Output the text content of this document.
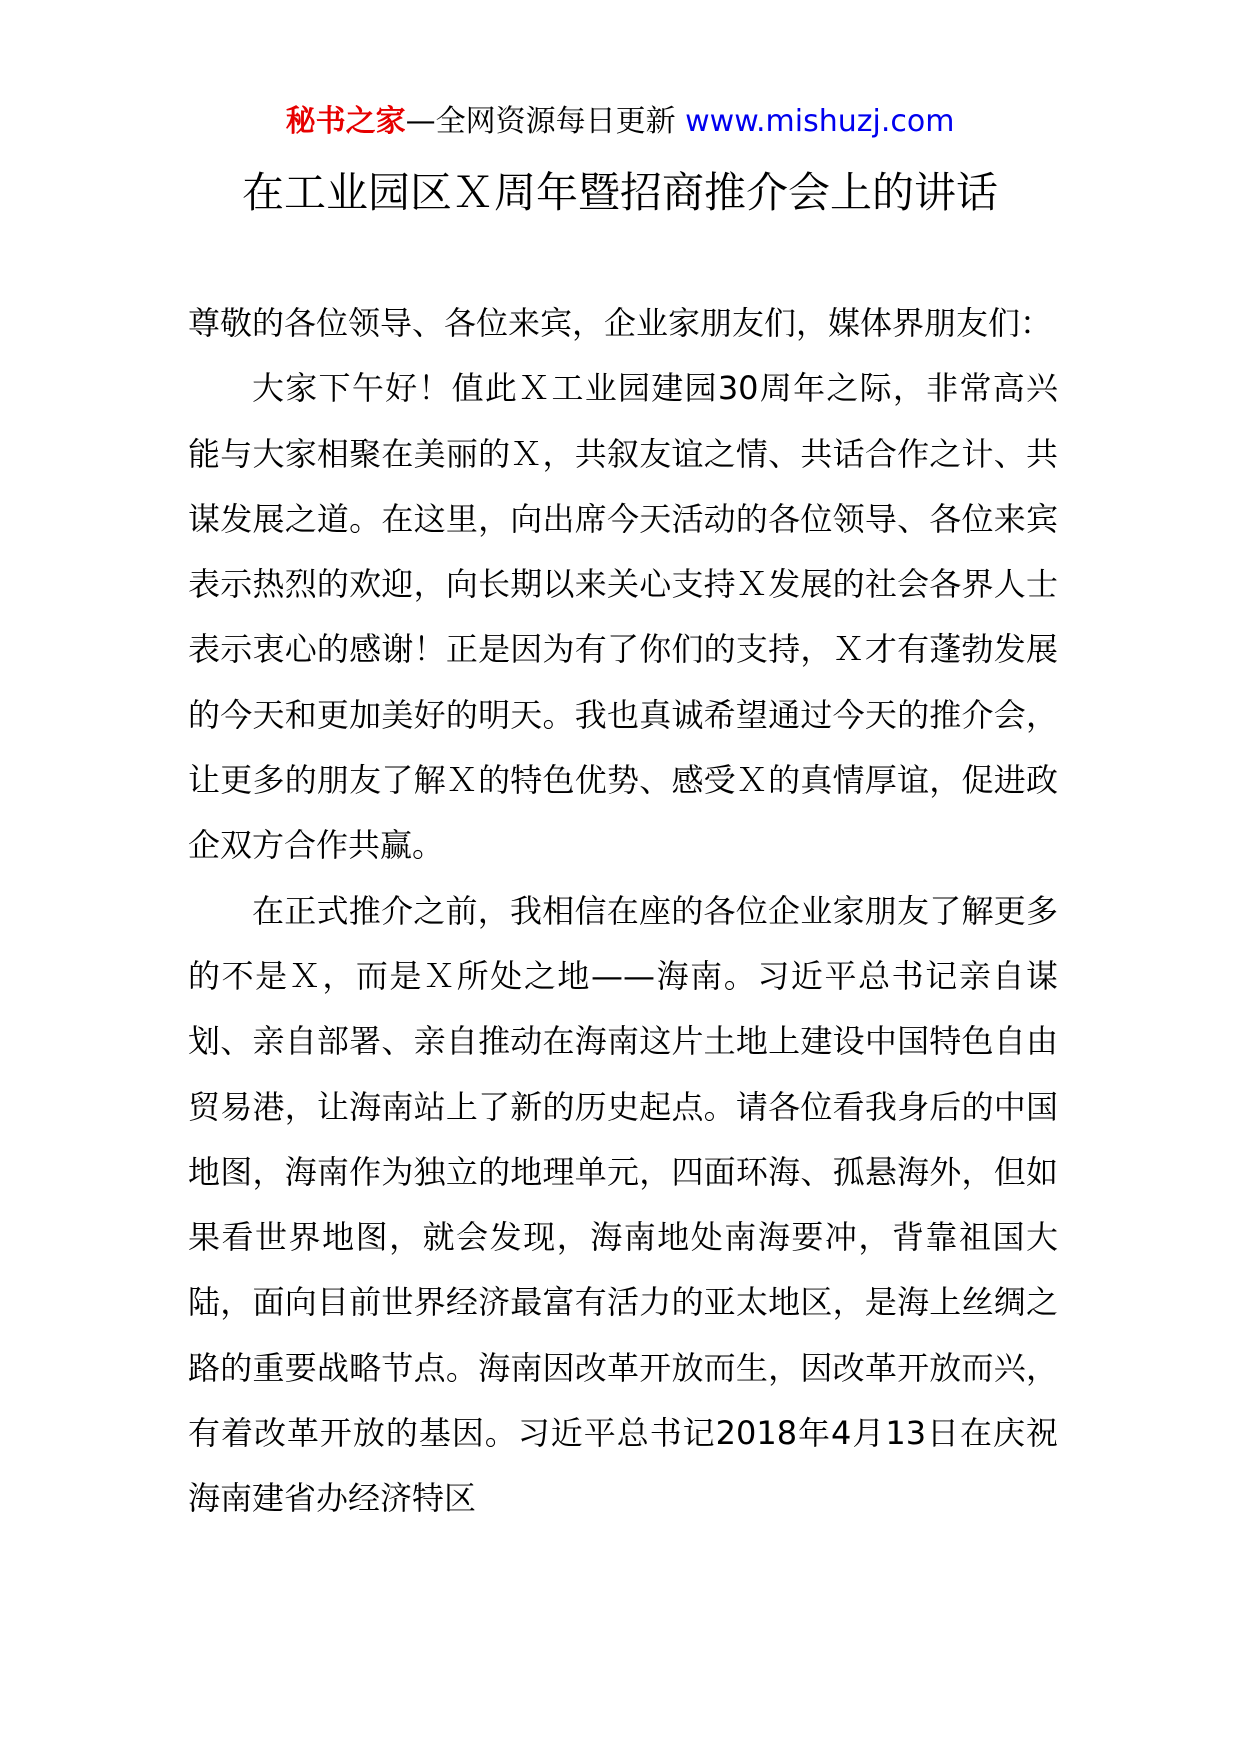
秘书之家—全网资源每日更新 www.mishuzj.com
在工业园区Ｘ周年暨招商推介会上的讲话

尊敬的各位领导、各位来宾，企业家朋友们，媒体界朋友们：

大家下午好！值此Ｘ工业园建园30周年之际，非常高兴能与大家相聚在美丽的Ｘ，共叙友谊之情、共话合作之计、共谋发展之道。在这里，向出席今天活动的各位领导、各位来宾表示热烈的欢迎，向长期以来关心支持Ｘ发展的社会各界人士表示衷心的感谢！正是因为有了你们的支持，Ｘ才有蓬勃发展的今天和更加美好的明天。我也真诚希望通过今天的推介会，让更多的朋友了解Ｘ的特色优势、感受Ｘ的真情厚谊，促进政企双方合作共赢。

在正式推介之前，我相信在座的各位企业家朋友了解更多的不是Ｘ，而是Ｘ所处之地——海南。习近平总书记亲自谋划、亲自部署、亲自推动在海南这片土地上建设中国特色自由贸易港，让海南站上了新的历史起点。请各位看我身后的中国地图，海南作为独立的地理单元，四面环海、孤悬海外，但如果看世界地图，就会发现，海南地处南海要冲，背靠祖国大陆，面向目前世界经济最富有活力的亚太地区，是海上丝绸之路的重要战略节点。海南因改革开放而生，因改革开放而兴，有着改革开放的基因。习近平总书记2018年4月13日在庆祝海南建省办经济特区
